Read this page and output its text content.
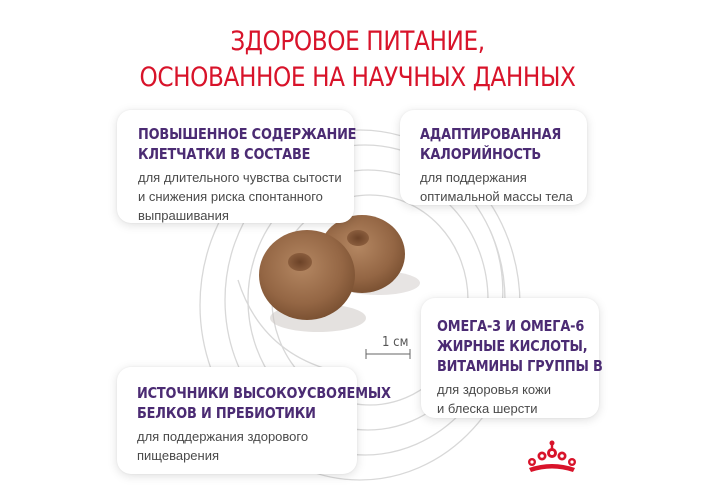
ЗДОРОВОЕ ПИТАНИЕ,
ОСНОВАННОЕ НА НАУЧНЫХ ДАННЫХ
ПОВЫШЕННОЕ СОДЕРЖАНИЕ
КЛЕТЧАТКИ В СОСТАВЕ
для длительного чувства сытости
и снижения риска спонтанного
выпрашивания
АДАПТИРОВАННАЯ
КАЛОРИЙНОСТЬ
для поддержания
оптимальной массы тела
ОМЕГА-3 И ОМЕГА-6
ЖИРНЫЕ КИСЛОТЫ,
ВИТАМИНЫ ГРУППЫ В
для здоровья кожи
и блеска шерсти
ИСТОЧНИКИ ВЫСОКОУСВОЯЕМЫХ
БЕЛКОВ И ПРЕБИОТИКИ
для поддержания здорового
пищеварения
1 см
